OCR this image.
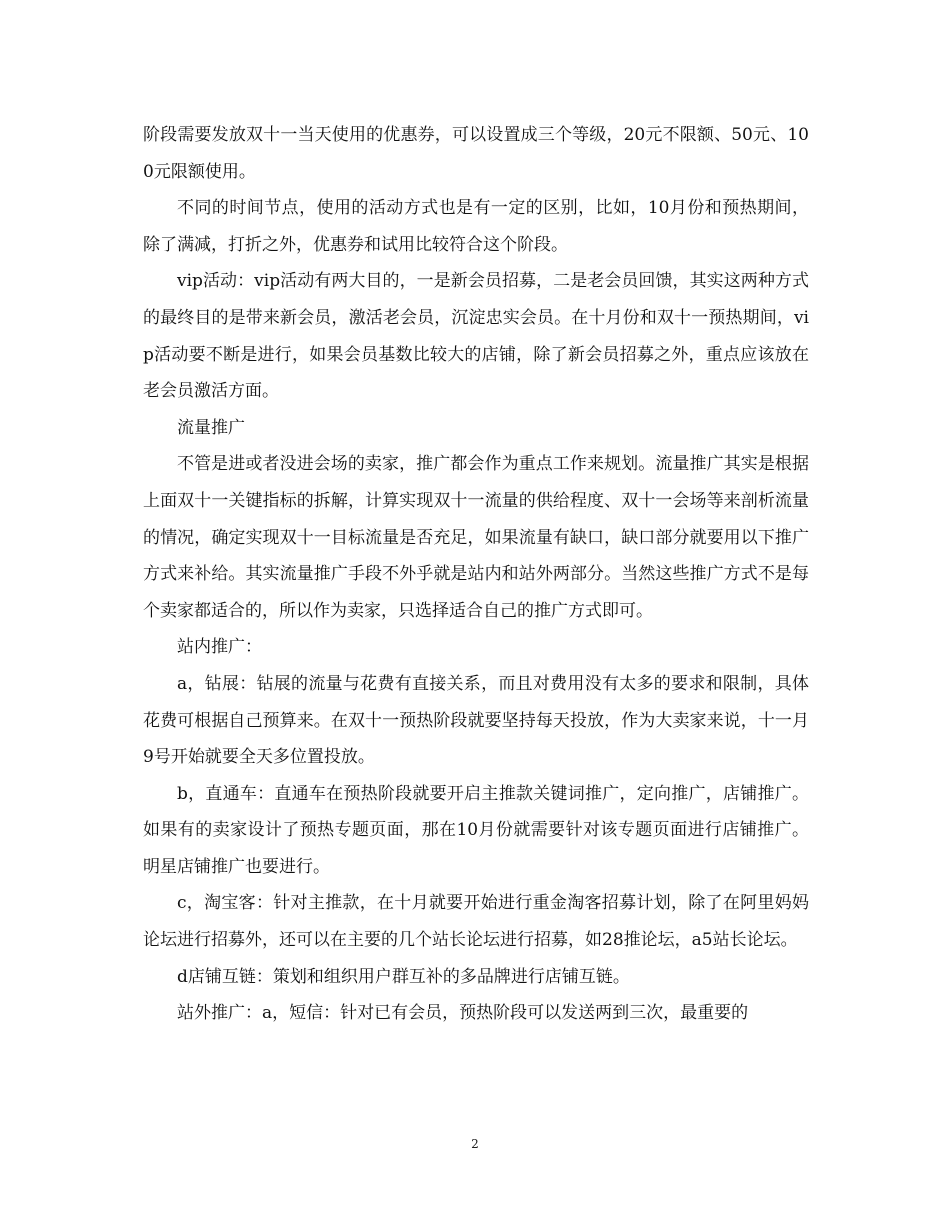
阶段需要发放双十一当天使用的优惠券，可以设置成三个等级，20元不限额、50元、100元限额使用。

不同的时间节点，使用的活动方式也是有一定的区别，比如，10月份和预热期间，除了满减，打折之外，优惠券和试用比较符合这个阶段。

vip活动：vip活动有两大目的，一是新会员招募，二是老会员回馈，其实这两种方式的最终目的是带来新会员，激活老会员，沉淀忠实会员。在十月份和双十一预热期间，vip活动要不断是进行，如果会员基数比较大的店铺，除了新会员招募之外，重点应该放在老会员激活方面。

流量推广

不管是进或者没进会场的卖家，推广都会作为重点工作来规划。流量推广其实是根据上面双十一关键指标的拆解，计算实现双十一流量的供给程度、双十一会场等来剖析流量的情况，确定实现双十一目标流量是否充足，如果流量有缺口，缺口部分就要用以下推广方式来补给。其实流量推广手段不外乎就是站内和站外两部分。当然这些推广方式不是每个卖家都适合的，所以作为卖家，只选择适合自己的推广方式即可。

站内推广：

a，钻展：钻展的流量与花费有直接关系，而且对费用没有太多的要求和限制，具体花费可根据自己预算来。在双十一预热阶段就要坚持每天投放，作为大卖家来说，十一月9号开始就要全天多位置投放。

b，直通车：直通车在预热阶段就要开启主推款关键词推广，定向推广，店铺推广。如果有的卖家设计了预热专题页面，那在10月份就需要针对该专题页面进行店铺推广。明星店铺推广也要进行。

c，淘宝客：针对主推款，在十月就要开始进行重金淘客招募计划，除了在阿里妈妈论坛进行招募外，还可以在主要的几个站长论坛进行招募，如28推论坛，a5站长论坛。

d店铺互链：策划和组织用户群互补的多品牌进行店铺互链。

站外推广：a，短信：针对已有会员，预热阶段可以发送两到三次，最重要的

2
